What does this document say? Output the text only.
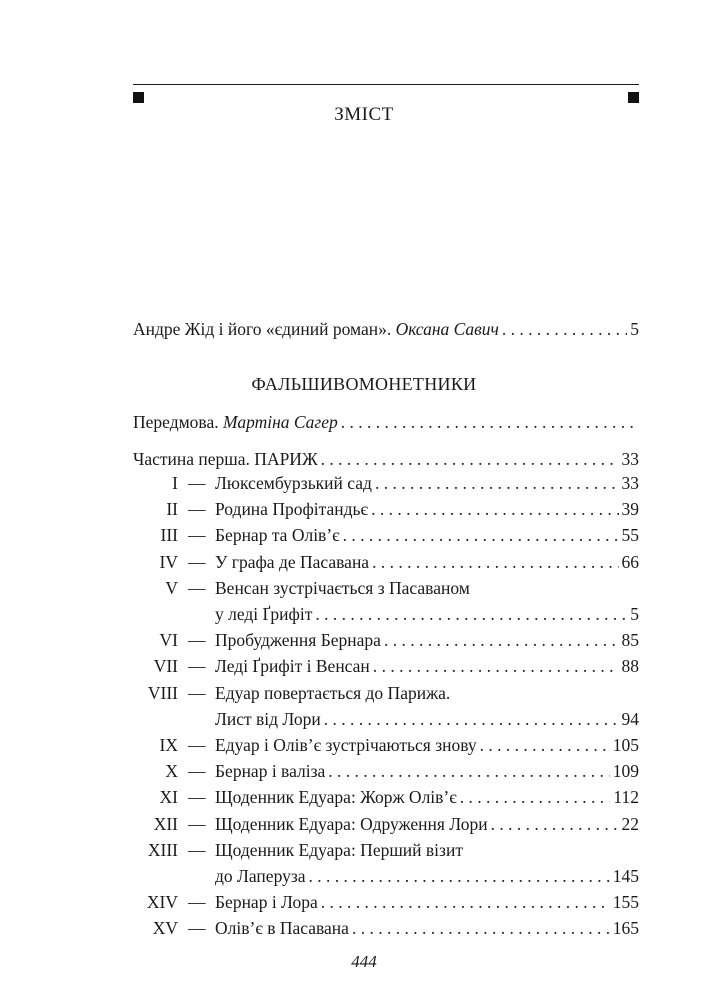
ЗМІСТ
Андре Жід і його «єдиний роман». Оксана Савич . . .	5
ФАЛЬШИВОМОНЕТНИКИ
Передмова. Мартіна Сагер
. . .
Частина перша. ПАРИЖ . . .	33
I — Люксембурзький сад . . .	33
II — Родина Профітандьє . . .	39
III — Бернар та Олів’є . . .	55
IV — У графа де Пасавана . . .	66
V — Венсан зустрічається з Пасаваном
у леді Ґрифіт . . .	5
VI — Пробудження Бернара . . .	85
VII — Леді Ґрифіт і Венсан . . .	88
VIII — Едуар повертається до Парижа.
Лист від Лори . . .	94
IX — Едуар і Олів’є зустрічаються знову . . .	105
X — Бернар і валіза . . .	109
XI — Щоденник Едуара: Жорж Олів’є . . .	112
XII — Щоденник Едуара: Одруження Лори . . .	22
XIII — Щоденник Едуара: Перший візит
до Лаперуза . . .	145
XIV — Бернар і Лора . . .	155
XV — Олів’є в Пасавана . . .	165
444
